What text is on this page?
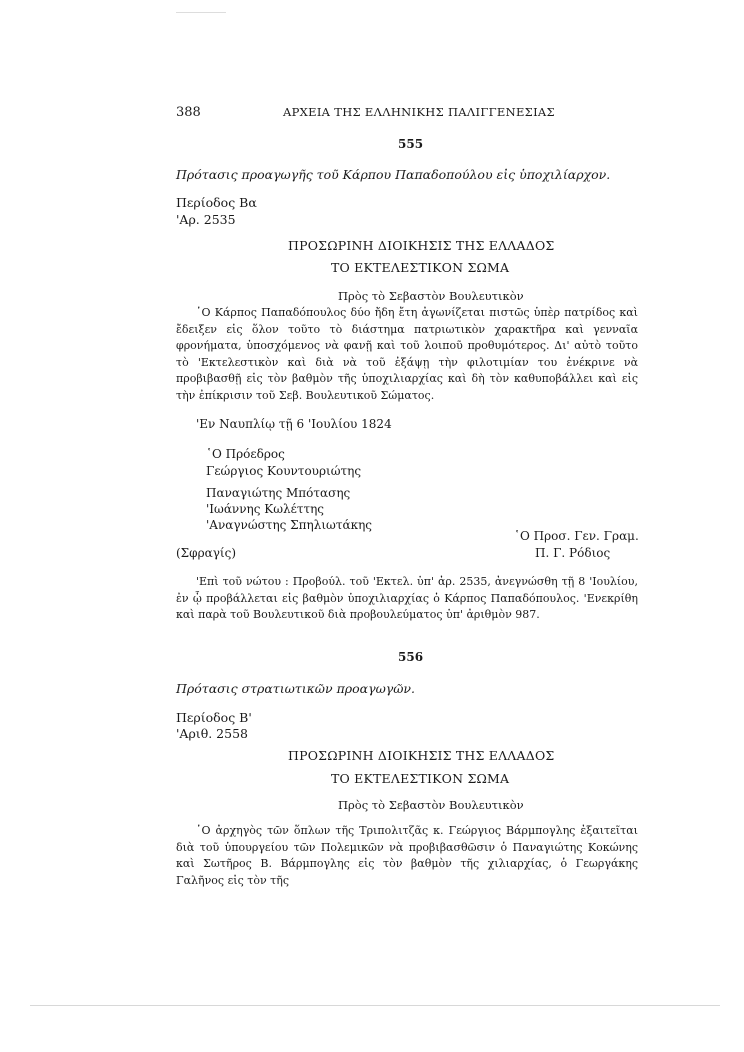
388	ΑΡΧΕΙΑ ΤΗΣ ΕΛΛΗΝΙΚΗΣ ΠΑΛΙΓΓΕΝΕΣΙΑΣ
555
Πρότασις προαγωγῆς τοῦ Κάρπου Παπαδοπούλου εἰς ὑποχιλίαρχον.
Περίοδος Βα
'Αρ. 2535
ΠΡΟΣΩΡΙΝΗ ΔΙΟΙΚΗΣΙΣ ΤΗΣ ΕΛΛΑΔΟΣ
ΤΟ ΕΚΤΕΛΕΣΤΙΚΟΝ ΣΩΜΑ
Πρὸς τὸ Σεβαστὸν Βουλευτικὸν
῾Ο Κάρπος Παπαδόπουλος δύο ἤδη ἔτη ἀγωνίζεται πιστῶς ὑπὲρ πατρίδος καὶ ἔδειξεν εἰς ὅλον τοῦτο τὸ διάστημα πατριωτικὸν χαρακτῆρα καὶ γενναῖα φρονήματα, ὑποσχόμενος νὰ φανῇ καὶ τοῦ λοιποῦ προθυμότερος. Δι' αὐτὸ τοῦτο τὸ 'Εκτελεστικὸν καὶ διὰ νὰ τοῦ ἐξάψῃ τὴν φιλοτιμίαν του ἐνέκρινε νὰ προβιβασθῇ εἰς τὸν βαθμὸν τῆς ὑποχιλιαρχίας καὶ δὴ τὸν καθυποβάλλει καὶ εἰς τὴν ἐπίκρισιν τοῦ Σεβ. Βουλευτικοῦ Σώματος.
'Εν Ναυπλίῳ τῇ 6 'Ιουλίου 1824
῾Ο Πρόεδρος
Γεώργιος Κουντουριώτης
Παναγιώτης Μπότασης
'Ιωάννης Κωλέττης
'Αναγνώστης Σπηλιωτάκης
῾Ο Προσ. Γεν. Γραμ.
(Σφραγίς)	Π. Γ. Ρόδιος
'Επὶ τοῦ νώτου : Προβούλ. τοῦ 'Εκτελ. ὑπ' ἀρ. 2535, ἀνεγνώσθη τῇ 8 'Ιουλίου, ἐν ᾧ προβάλλεται εἰς βαθμὸν ὑποχιλιαρχίας ὁ Κάρπος Παπαδόπουλος. 'Ενεκρίθη καὶ παρὰ τοῦ Βουλευτικοῦ διὰ προβουλεύματος ὑπ' ἀριθμὸν 987.
556
Πρότασις στρατιωτικῶν προαγωγῶν.
Περίοδος Β'
'Αριθ. 2558
ΠΡΟΣΩΡΙΝΗ ΔΙΟΙΚΗΣΙΣ ΤΗΣ ΕΛΛΑΔΟΣ
ΤΟ ΕΚΤΕΛΕΣΤΙΚΟΝ ΣΩΜΑ
Πρὸς τὸ Σεβαστὸν Βουλευτικὸν
῾Ο ἀρχηγὸς τῶν ὅπλων τῆς Τριπολιτζᾶς κ. Γεώργιος Βάρμπογλης ἐξαιτεῖται διὰ τοῦ ὑπουργείου τῶν Πολεμικῶν νὰ προβιβασθῶσιν ὁ Παναγιώτης Κοκώνης καὶ Σωτῆρος Β. Βάρμπογλης εἰς τὸν βαθμὸν τῆς χιλιαρχίας, ὁ Γεωργάκης Γαλῆνος εἰς τὸν τῆς
